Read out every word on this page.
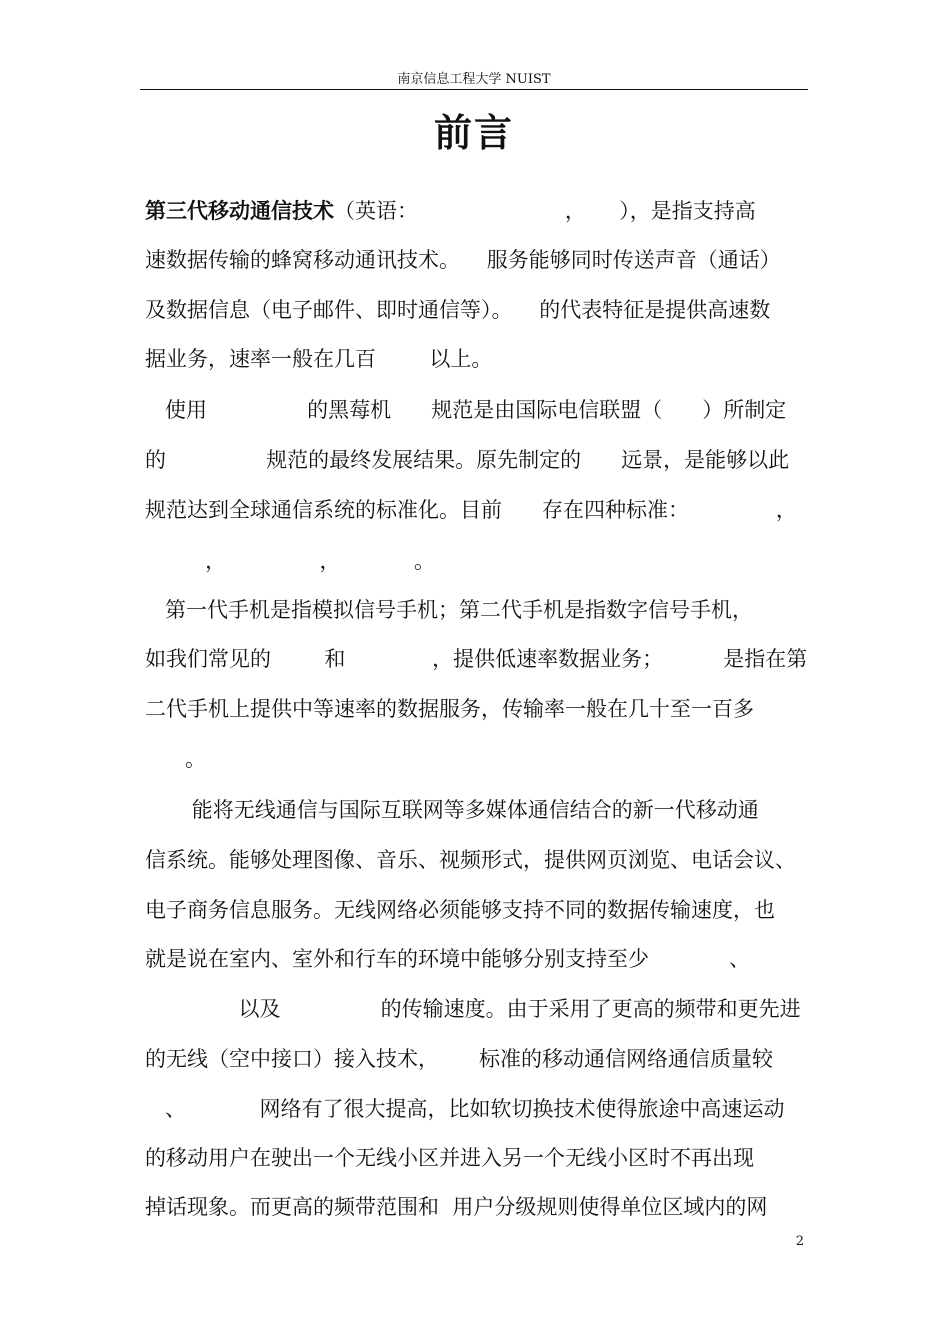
南京信息工程大学 NUIST
前言
第三代移动通信技术（英语：                      ，     ），是指支持高
速数据传输的蜂窝移动通讯技术。    服务能够同时传送声音（通话）
及数据信息（电子邮件、即时通信等）。    的代表特征是提供高速数
据业务，速率一般在几百        以上。
使用               的黑莓机      规范是由国际电信联盟（      ）所制定
的               规范的最终发展结果。原先制定的      远景，是能够以此
规范达到全球通信系统的标准化。目前      存在四种标准：             ，
，              ，           。
第一代手机是指模拟信号手机；第二代手机是指数字信号手机，
如我们常见的        和             ，提供低速率数据业务；         是指在第
二代手机上提供中等速率的数据服务，传输率一般在几十至一百多
。
能将无线通信与国际互联网等多媒体通信结合的新一代移动通
信系统。能够处理图像、音乐、视频形式，提供网页浏览、电话会议、
电子商务信息服务。无线网络必须能够支持不同的数据传输速度，也
就是说在室内、室外和行车的环境中能够分别支持至少            、
以及               的传输速度。由于采用了更高的频带和更先进
的无线（空中接口）接入技术，      标准的移动通信网络通信质量较
、           网络有了很大提高，比如软切换技术使得旅途中高速运动
的移动用户在驶出一个无线小区并进入另一个无线小区时不再出现
掉话现象。而更高的频带范围和  用户分级规则使得单位区域内的网
2
